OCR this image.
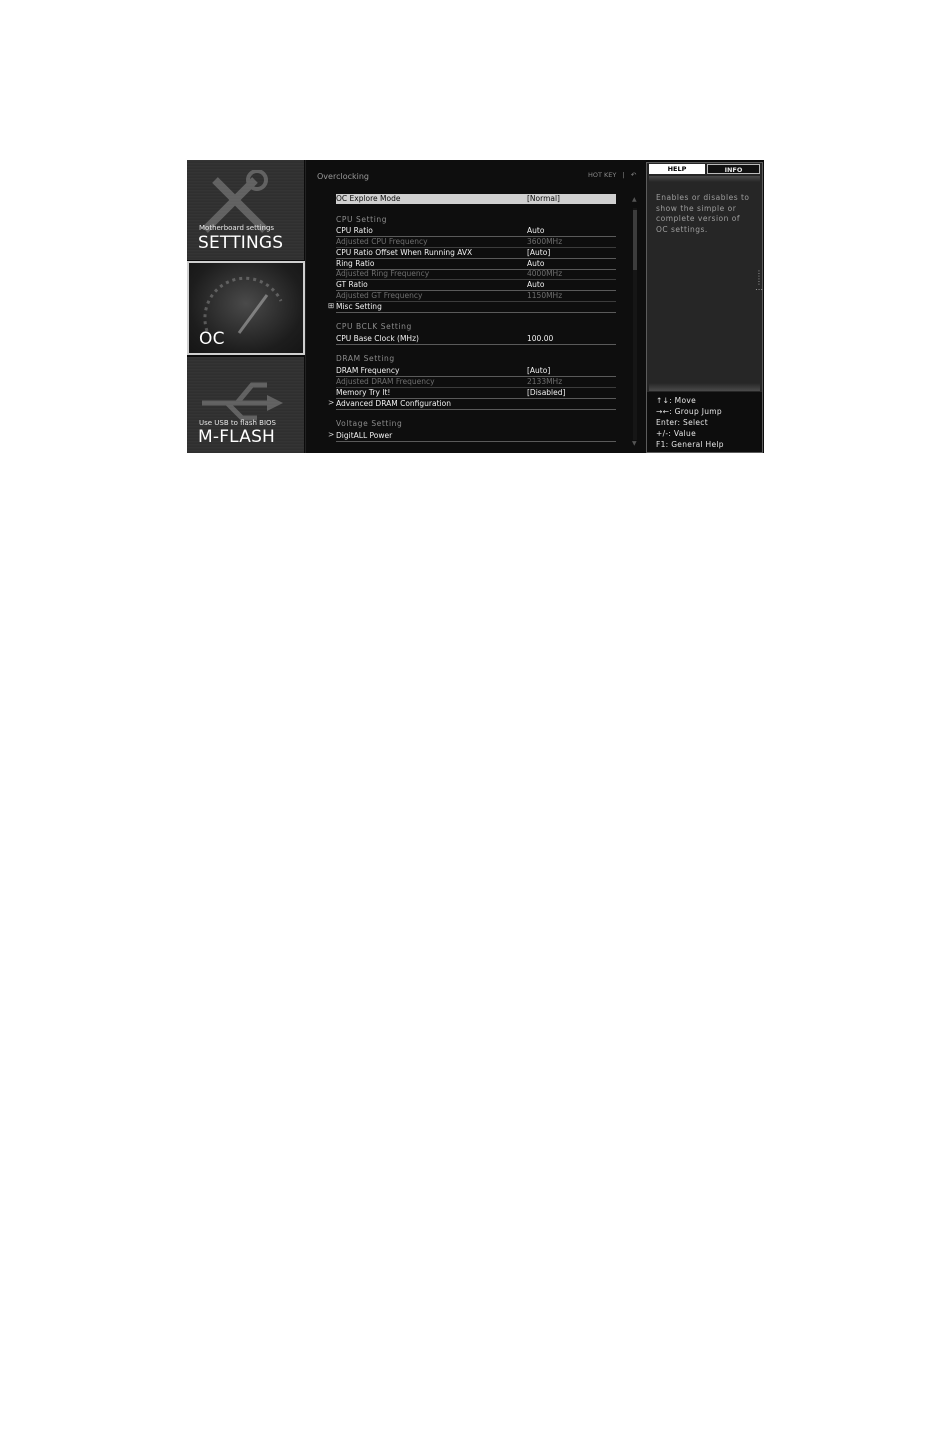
Motherboard settings
SETTINGS
OC
Use USB to flash BIOS
M-FLASH
Overclocking	HOT KEY | ↶
OC Explore Mode	[Normal]
CPU Setting
CPU Ratio	Auto
Adjusted CPU Frequency	3600MHz
CPU Ratio Offset When Running AVX	[Auto]
Ring Ratio	Auto
Adjusted Ring Frequency	4000MHz
GT Ratio	Auto
Adjusted GT Frequency	1150MHz
⊞ Misc Setting
CPU BCLK Setting
CPU Base Clock (MHz)	100.00
DRAM Setting
DRAM Frequency	[Auto]
Adjusted DRAM Frequency	2133MHz
Memory Try It!	[Disabled]
> Advanced DRAM Configuration
Voltage Setting
> DigitALL Power
▲
▼
HELP	INFO
Enables or disables to show the simple or complete version of OC settings.
⋮
⋮
⋯
↑↓: Move
→←: Group Jump
Enter: Select
+/-: Value
F1: General Help
